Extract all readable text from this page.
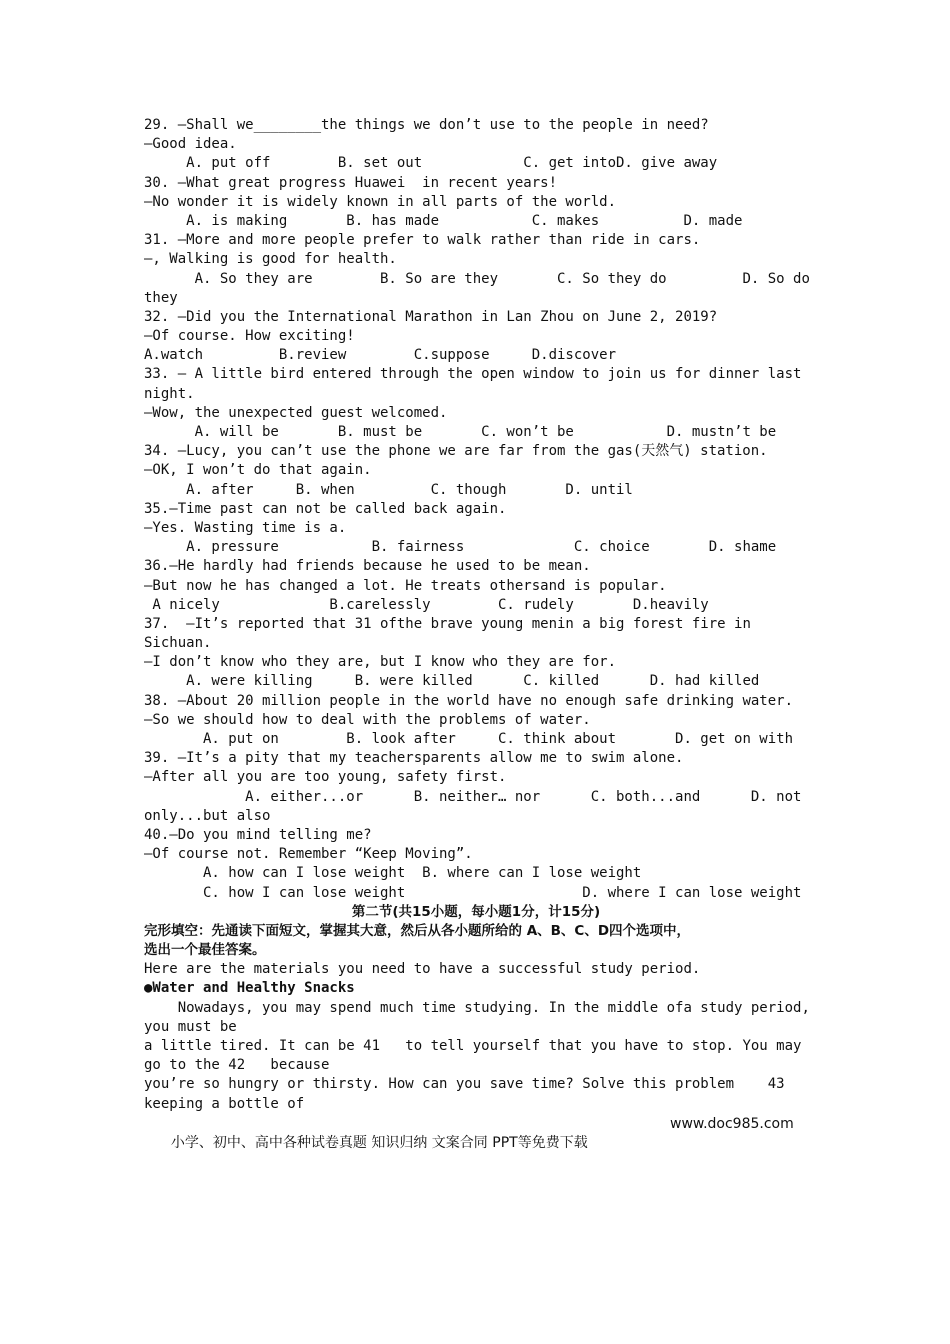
29. —Shall we________the things we don’t use to the people in need?
—Good idea.
A. put off        B. set out            C. get intoD. give away
30. —What great progress Huawei  in recent years!
—No wonder it is widely known in all parts of the world.
A. is making       B. has made           C. makes          D. made
31. —More and more people prefer to walk rather than ride in cars.
—, Walking is good for health.
A. So they are        B. So are they       C. So they do         D. So do
they
32. —Did you the International Marathon in Lan Zhou on June 2, 2019?
—Of course. How exciting!
A.watch         B.review        C.suppose     D.discover
33. — A little bird entered through the open window to join us for dinner last
night.
—Wow, the unexpected guest welcomed.
A. will be       B. must be       C. won’t be           D. mustn’t be
34. —Lucy, you can’t use the phone we are far from the gas(天然气) station.
—OK, I won’t do that again.
A. after     B. when         C. though       D. until
35.—Time past can not be called back again.
—Yes. Wasting time is a.
A. pressure           B. fairness             C. choice       D. shame
36.—He hardly had friends because he used to be mean.
—But now he has changed a lot. He treats othersand is popular.
A nicely             B.carelessly        C. rudely       D.heavily
37.  —It’s reported that 31 ofthe brave young menin a big forest fire in
Sichuan.
—I don’t know who they are, but I know who they are for.
A. were killing     B. were killed      C. killed      D. had killed
38. —About 20 million people in the world have no enough safe drinking water.
—So we should how to deal with the problems of water.
A. put on        B. look after     C. think about       D. get on with
39. —It’s a pity that my teachersparents allow me to swim alone.
—After all you are too young, safety first.
A. either...or      B. neither… nor      C. both...and      D. not
only...but also
40.—Do you mind telling me?
—Of course not. Remember “Keep Moving”.
A. how can I lose weight  B. where can I lose weight
C. how I can lose weight                     D. where I can lose weight
第二节(共15小题，每小题1分，计15分)
完形填空：先通读下面短文，掌握其大意，然后从各小题所给的 A、B、C、D四个选项中，
选出一个最佳答案。
Here are the materials you need to have a successful study period.
●Water and Healthy Snacks
Nowadays, you may spend much time studying. In the middle ofa study period,
you must be
a little tired. It can be 41   to tell yourself that you have to stop. You may
go to the 42   because
you’re so hungry or thirsty. How can you save time? Solve this problem    43
keeping a bottle of

小学、初中、高中各种试卷真题 知识归纳 文案合同 PPT等免费下载

www.doc985.com
